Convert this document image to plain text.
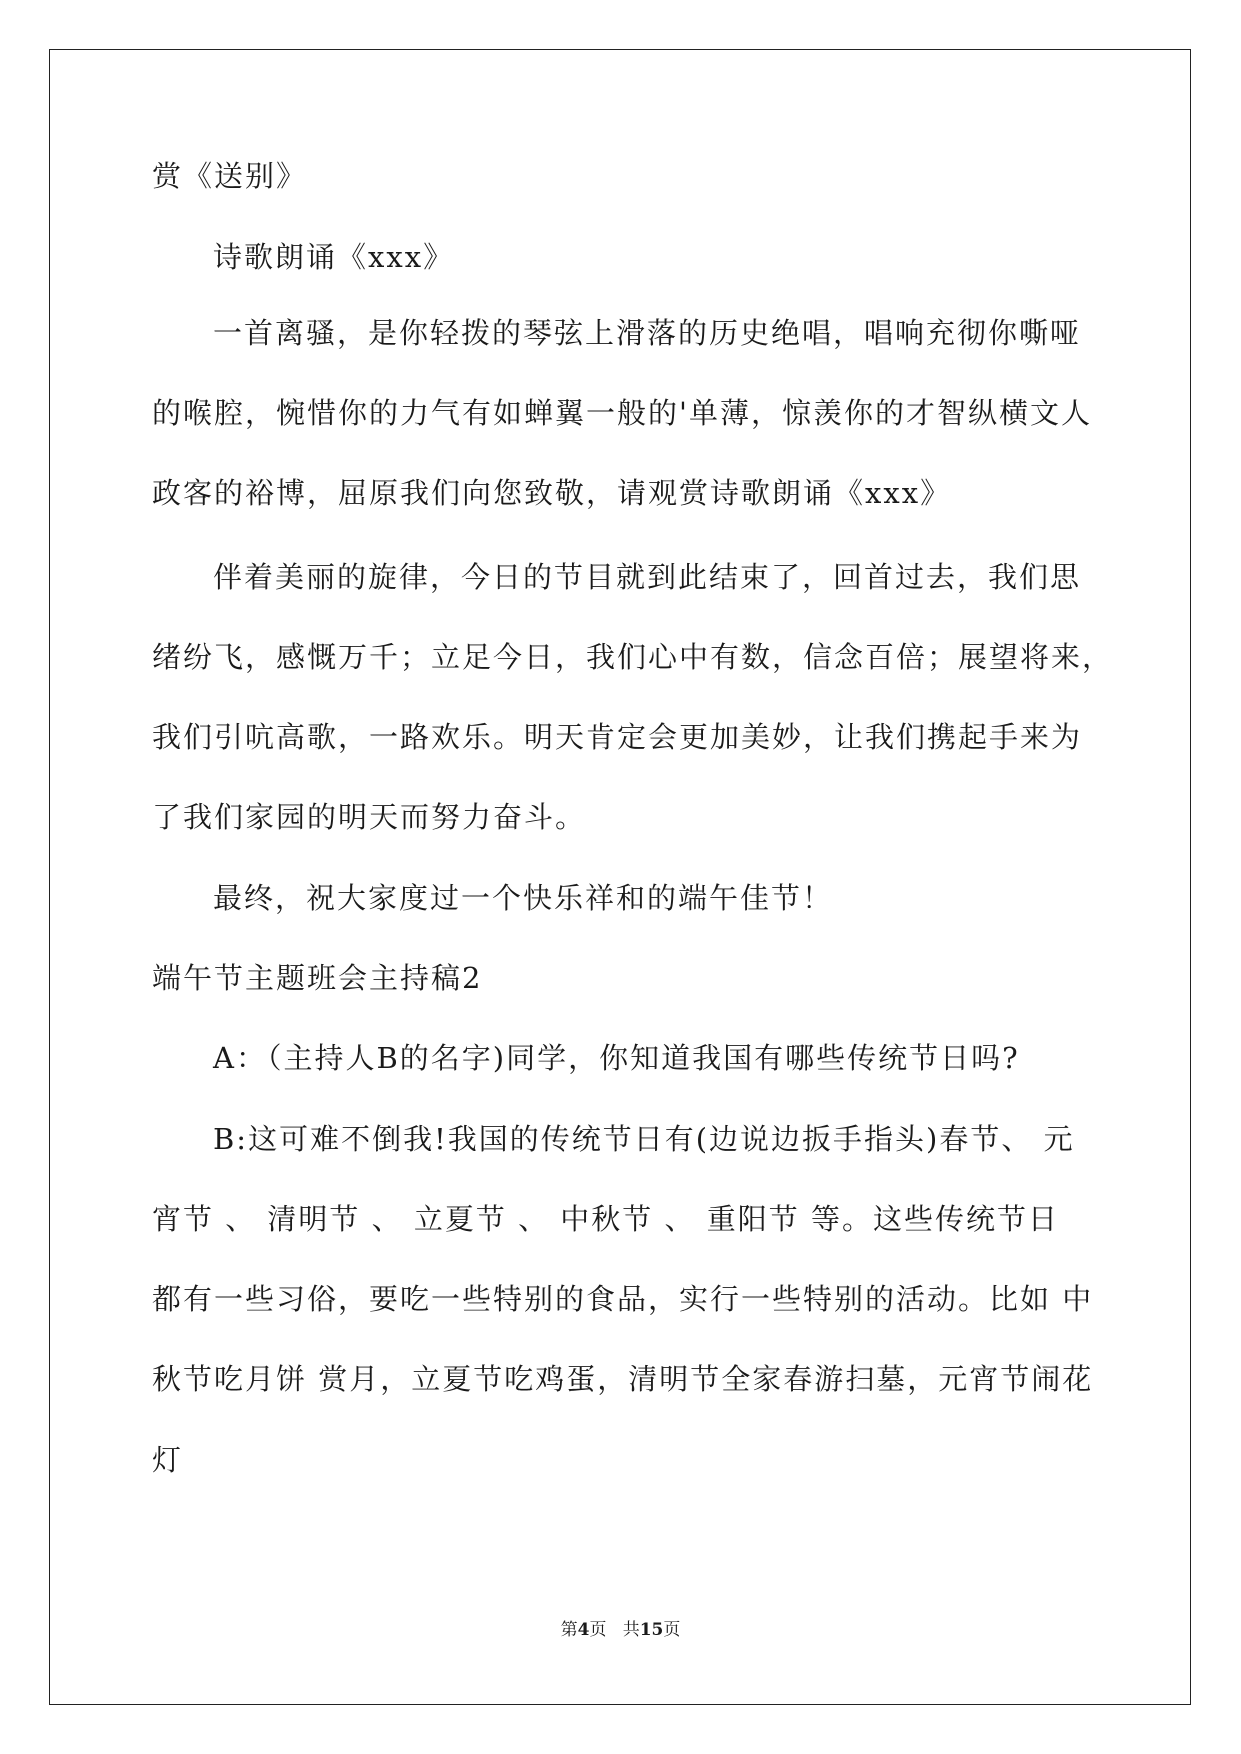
赏《送别》
诗歌朗诵《xxx》
一首离骚，是你轻拨的琴弦上滑落的历史绝唱，唱响充彻你嘶哑
的喉腔，惋惜你的力气有如蝉翼一般的'单薄，惊羡你的才智纵横文人
政客的裕博，屈原我们向您致敬，请观赏诗歌朗诵《xxx》
伴着美丽的旋律，今日的节目就到此结束了，回首过去，我们思
绪纷飞，感慨万千；立足今日，我们心中有数，信念百倍；展望将来，
我们引吭高歌，一路欢乐。明天肯定会更加美妙，让我们携起手来为
了我们家园的明天而努力奋斗。
最终，祝大家度过一个快乐祥和的端午佳节！
端午节主题班会主持稿2
A：（主持人B的名字)同学，你知道我国有哪些传统节日吗?
B:这可难不倒我!我国的传统节日有(边说边扳手指头)春节、 元
宵节 、 清明节 、 立夏节 、 中秋节 、 重阳节 等。这些传统节日
都有一些习俗，要吃一些特别的食品，实行一些特别的活动。比如 中
秋节吃月饼 赏月，立夏节吃鸡蛋，清明节全家春游扫墓，元宵节闹花
灯
第4页 共15页
